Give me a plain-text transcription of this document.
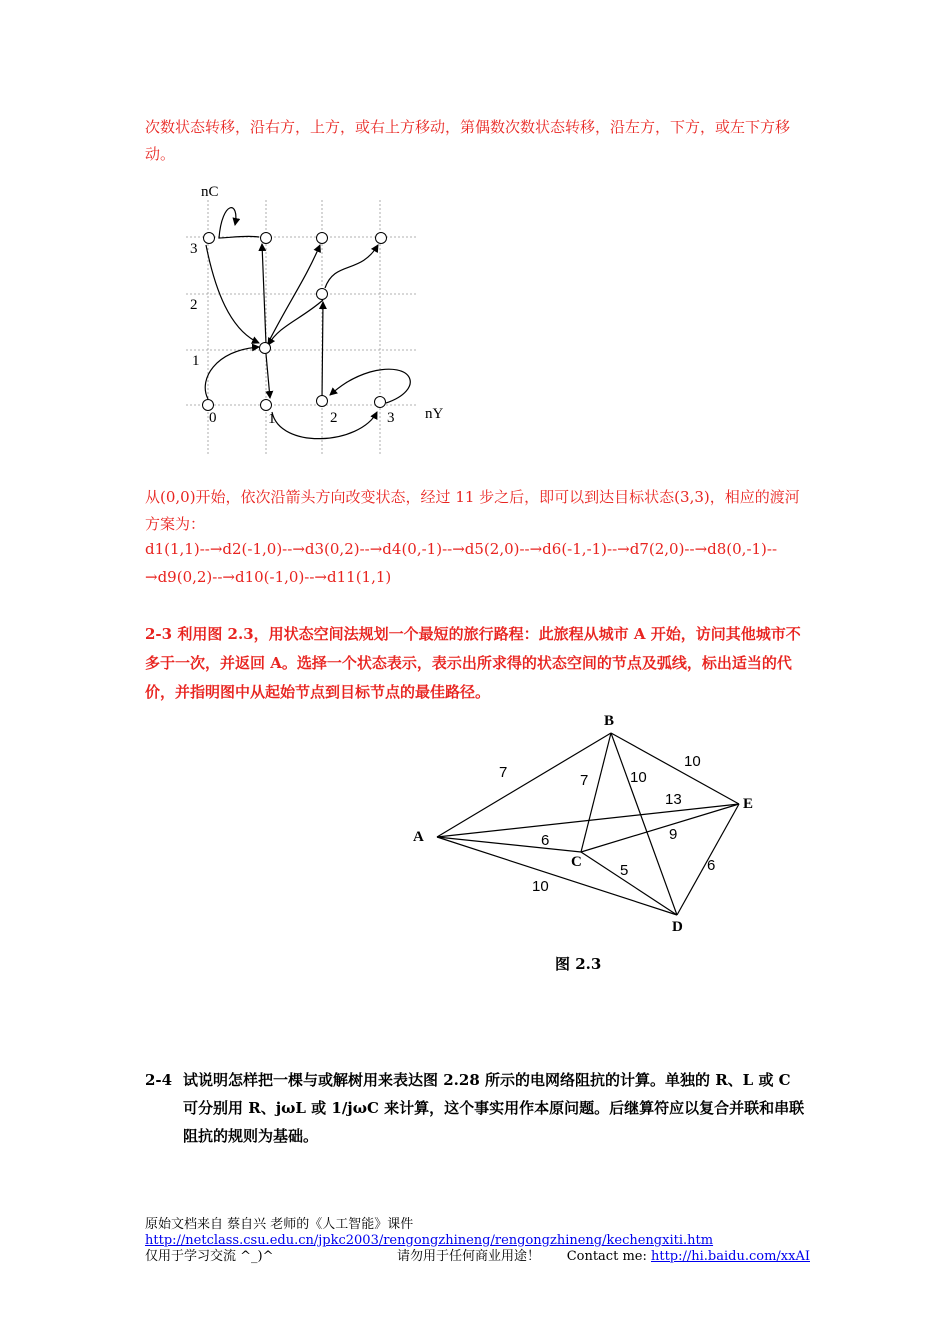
次数状态转移，沿右方，上方，或右上方移动，第偶数次数状态转移，沿左方，下方，或左下方移动。
nC
nY
3
2
1
0	1	2	3
从(0,0)开始，依次沿箭头方向改变状态，经过 11 步之后，即可以到达目标状态(3,3)，相应的渡河方案为：
d1(1,1)--→d2(-1,0)--→d3(0,2)--→d4(0,-1)--→d5(2,0)--→d6(-1,-1)--→d7(2,0)--→d8(0,-1)--
→d9(0,2)--→d10(-1,0)--→d11(1,1)
2-3 利用图 2.3，用状态空间法规划一个最短的旅行路程：此旅程从城市 A 开始，访问其他城市不多于一次，并返回 A。选择一个状态表示，表示出所求得的状态空间的节点及弧线，标出适当的代价，并指明图中从起始节点到目标节点的最佳路径。
A
B
C
D
E
7	7	10
10
13
6	9
5	6
10
图 2.3
2-4 试说明怎样把一棵与或解树用来表达图 2.28 所示的电网络阻抗的计算。单独的 R、L 或 C 可分别用 R、jωL 或 1/jωC 来计算，这个事实用作本原问题。后继算符应以复合并联和串联阻抗的规则为基础。
原始文档来自 蔡自兴 老师的《人工智能》课件
http://netclass.csu.edu.cn/jpkc2003/rengongzhineng/rengongzhineng/kechengxiti.htm
仅用于学习交流 ^_)^	请勿用于任何商业用途！ Contact me: http://hi.baidu.com/xxAI
